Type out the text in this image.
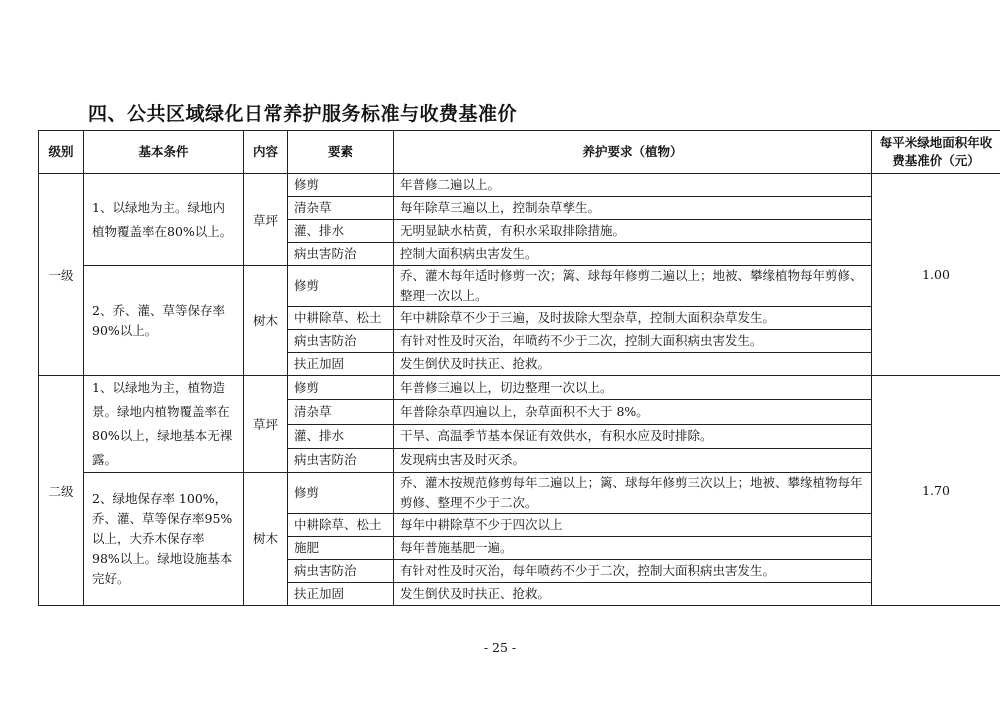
四、公共区域绿化日常养护服务标准与收费基准价
级别	基本条件	内容	要素	养护要求（植物）	每平米绿地面积年收费基准价（元）
一级	1、以绿地为主。绿地内植物覆盖率在80%以上。	草坪	修剪	年普修二遍以上。	1.00
			清杂草	每年除草三遍以上，控制杂草孳生。	
			灌、排水	无明显缺水枯黄，有积水采取排除措施。	
			病虫害防治	控制大面积病虫害发生。	
	2、乔、灌、草等保存率 90%以上。	树木	修剪	乔、灌木每年适时修剪一次；篱、球每年修剪二遍以上；地被、攀缘植物每年剪修、整理一次以上。	
			中耕除草、松土	年中耕除草不少于三遍，及时拔除大型杂草，控制大面积杂草发生。	
			病虫害防治	有针对性及时灭治，年喷药不少于二次，控制大面积病虫害发生。	
			扶正加固	发生倒伏及时扶正、抢救。	
二级	1、以绿地为主，植物造景。绿地内植物覆盖率在80%以上，绿地基本无裸露。	草坪	修剪	年普修三遍以上，切边整理一次以上。	1.70
			清杂草	年普除杂草四遍以上，杂草面积不大于 8%。	
			灌、排水	干旱、高温季节基本保证有效供水，有积水应及时排除。	
			病虫害防治	发现病虫害及时灭杀。	
	2、绿地保存率 100%，乔、灌、草等保存率95%以上，大乔木保存率 98%以上。绿地设施基本完好。	树木	修剪	乔、灌木按规范修剪每年二遍以上；篱、球每年修剪三次以上；地被、攀缘植物每年剪修、整理不少于二次。	
			中耕除草、松土	每年中耕除草不少于四次以上	
			施肥	每年普施基肥一遍。	
			病虫害防治	有针对性及时灭治，每年喷药不少于二次，控制大面积病虫害发生。	
			扶正加固	发生倒伏及时扶正、抢救。	
- 25 -
